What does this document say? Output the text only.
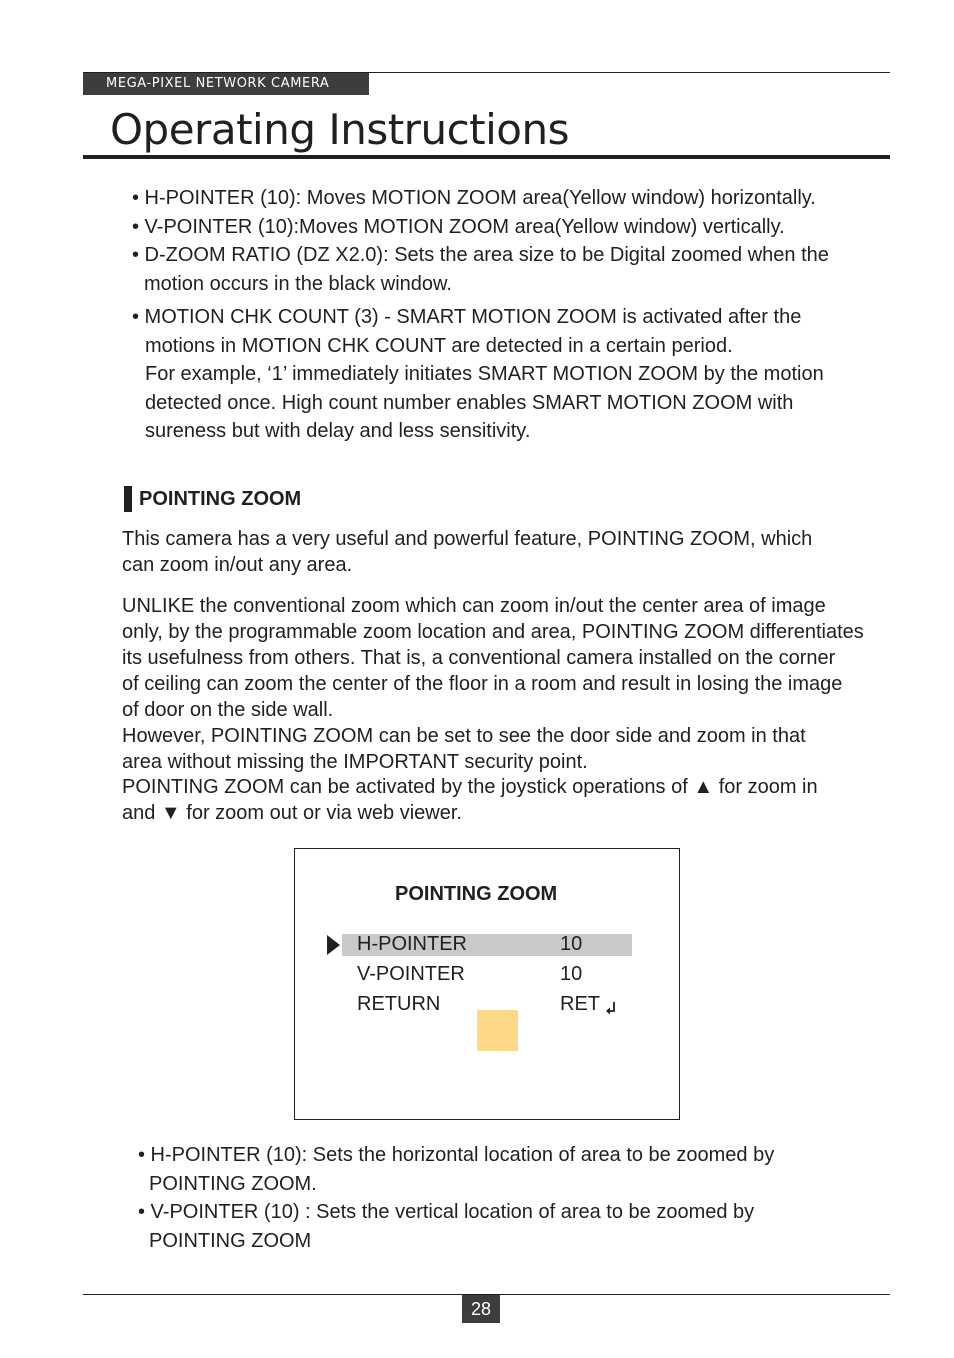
MEGA-PIXEL NETWORK CAMERA
Operating Instructions
• H-POINTER (10): Moves MOTION ZOOM area(Yellow window) horizontally.
• V-POINTER (10):Moves MOTION ZOOM area(Yellow window) vertically.
• D-ZOOM RATIO (DZ X2.0): Sets the area size to be Digital zoomed when the
motion occurs in the black window.
• MOTION CHK COUNT (3) - SMART MOTION ZOOM is activated after the
motions in MOTION CHK COUNT are detected in a certain period.
For example, ‘1’ immediately initiates SMART MOTION ZOOM by the motion
detected once. High count number enables SMART MOTION ZOOM with
sureness but with delay and less sensitivity.
POINTING ZOOM
This camera has a very useful and powerful feature, POINTING ZOOM, which
can zoom in/out any area.
UNLIKE the conventional zoom which can zoom in/out the center area of image
only, by the programmable zoom location and area, POINTING ZOOM differentiates
its usefulness from others. That is, a conventional camera installed on the corner
of ceiling can zoom the center of the floor in a room and result in losing the image
of door on the side wall.
However, POINTING ZOOM can be set to see the door side and zoom in that
area without missing the IMPORTANT security point.
POINTING ZOOM can be activated by the joystick operations of ▲ for zoom in
and ▼ for zoom out or via web viewer.
POINTING ZOOM
H-POINTER	10
V-POINTER	10
RETURN	RET
• H-POINTER (10): Sets the horizontal location of area to be zoomed by
POINTING ZOOM.
• V-POINTER (10) : Sets the vertical location of area to be zoomed by
POINTING ZOOM
28
